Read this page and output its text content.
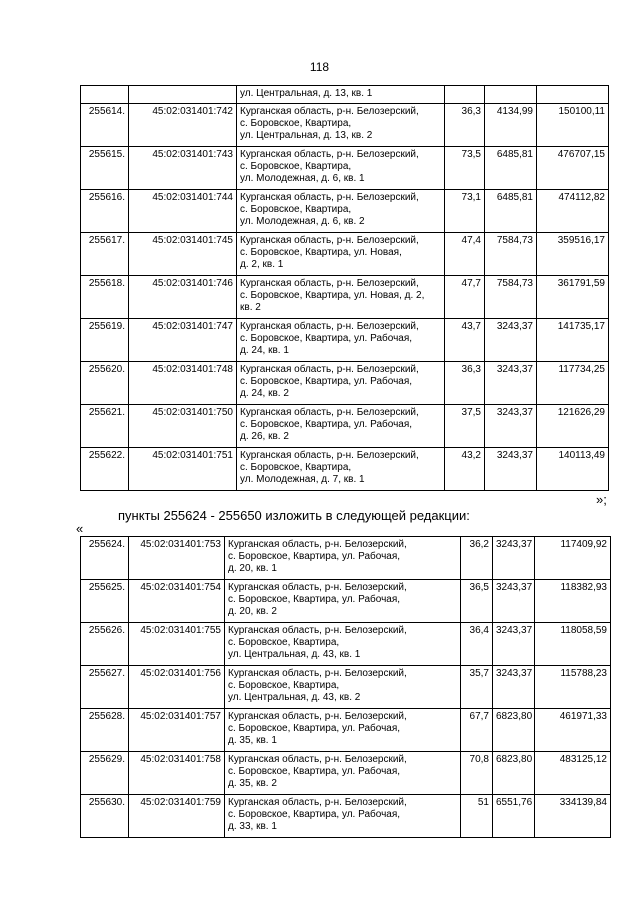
118

		ул. Центральная, д. 13, кв. 1			

255614.	45:02:031401:742	Курганская область, р-н. Белозерский,
с. Боровское, Квартира,
ул. Центральная, д. 13, кв. 2	36,3	4134,99	150100,11
255615.	45:02:031401:743	Курганская область, р-н. Белозерский,
с. Боровское, Квартира,
ул. Молодежная, д. 6, кв. 1	73,5	6485,81	476707,15
255616.	45:02:031401:744	Курганская область, р-н. Белозерский,
с. Боровское, Квартира,
ул. Молодежная, д. 6, кв. 2	73,1	6485,81	474112,82
255617.	45:02:031401:745	Курганская область, р-н. Белозерский,
с. Боровское, Квартира, ул. Новая,
д. 2, кв. 1	47,4	7584,73	359516,17
255618.	45:02:031401:746	Курганская область, р-н. Белозерский,
с. Боровское, Квартира, ул. Новая, д. 2,
кв. 2	47,7	7584,73	361791,59
255619.	45:02:031401:747	Курганская область, р-н. Белозерский,
с. Боровское, Квартира, ул. Рабочая,
д. 24, кв. 1	43,7	3243,37	141735,17
255620.	45:02:031401:748	Курганская область, р-н. Белозерский,
с. Боровское, Квартира, ул. Рабочая,
д. 24, кв. 2	36,3	3243,37	117734,25
255621.	45:02:031401:750	Курганская область, р-н. Белозерский,
с. Боровское, Квартира, ул. Рабочая,
д. 26, кв. 2	37,5	3243,37	121626,29
255622.	45:02:031401:751	Курганская область, р-н. Белозерский,
с. Боровское, Квартира,
ул. Молодежная, д. 7, кв. 1	43,2	3243,37	140113,49
»;
пункты 255624 - 255650 изложить в следующей редакции:
«
255624.	45:02:031401:753	Курганская область, р-н. Белозерский,
с. Боровское, Квартира, ул. Рабочая,
д. 20, кв. 1	36,2	3243,37	117409,92
255625.	45:02:031401:754	Курганская область, р-н. Белозерский,
с. Боровское, Квартира, ул. Рабочая,
д. 20, кв. 2	36,5	3243,37	118382,93
255626.	45:02:031401:755	Курганская область, р-н. Белозерский,
с. Боровское, Квартира,
ул. Центральная, д. 43, кв. 1	36,4	3243,37	118058,59
255627.	45:02:031401:756	Курганская область, р-н. Белозерский,
с. Боровское, Квартира,
ул. Центральная, д. 43, кв. 2	35,7	3243,37	115788,23
255628.	45:02:031401:757	Курганская область, р-н. Белозерский,
с. Боровское, Квартира, ул. Рабочая,
д. 35, кв. 1	67,7	6823,80	461971,33
255629.	45:02:031401:758	Курганская область, р-н. Белозерский,
с. Боровское, Квартира, ул. Рабочая,
д. 35, кв. 2	70,8	6823,80	483125,12
255630.	45:02:031401:759	Курганская область, р-н. Белозерский,
с. Боровское, Квартира, ул. Рабочая,
д. 33, кв. 1	51	6551,76	334139,84
